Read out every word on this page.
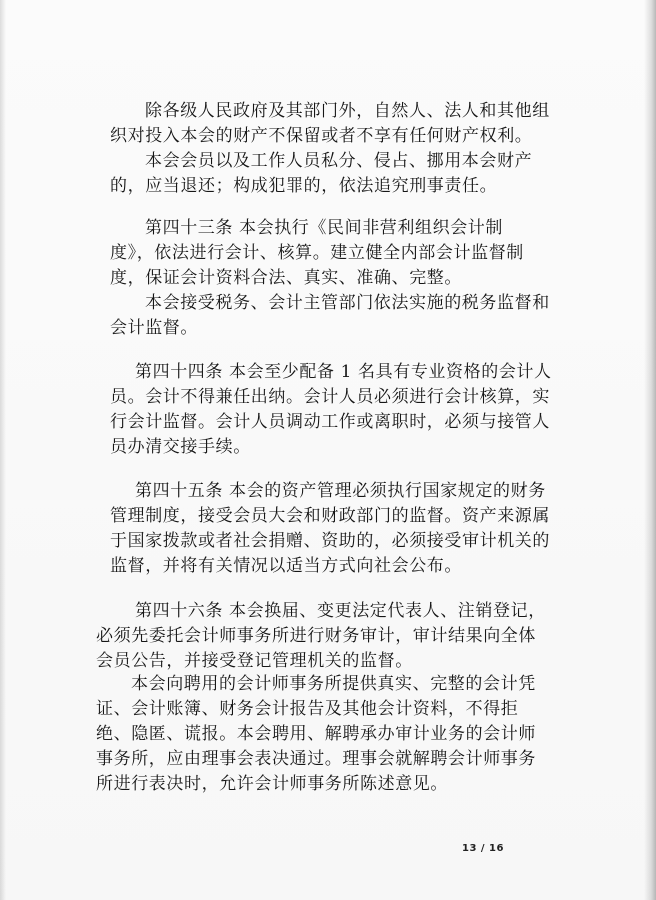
除各级人民政府及其部门外，自然人、法人和其他组

织对投入本会的财产不保留或者不享有任何财产权利。

本会会员以及工作人员私分、侵占、挪用本会财产

的，应当退还；构成犯罪的，依法追究刑事责任。

第四十三条 本会执行《民间非营利组织会计制

度》，依法进行会计、核算。建立健全内部会计监督制

度，保证会计资料合法、真实、准确、完整。

本会接受税务、会计主管部门依法实施的税务监督和

会计监督。

第四十四条 本会至少配备 1 名具有专业资格的会计人

员。会计不得兼任出纳。会计人员必须进行会计核算，实

行会计监督。会计人员调动工作或离职时，必须与接管人

员办清交接手续。

第四十五条 本会的资产管理必须执行国家规定的财务

管理制度，接受会员大会和财政部门的监督。资产来源属

于国家拨款或者社会捐赠、资助的，必须接受审计机关的

监督，并将有关情况以适当方式向社会公布。

第四十六条 本会换届、变更法定代表人、注销登记，

必须先委托会计师事务所进行财务审计，审计结果向全体

会员公告，并接受登记管理机关的监督。

本会向聘用的会计师事务所提供真实、完整的会计凭

证、会计账簿、财务会计报告及其他会计资料，不得拒

绝、隐匿、谎报。本会聘用、解聘承办审计业务的会计师

事务所，应由理事会表决通过。理事会就解聘会计师事务

所进行表决时，允许会计师事务所陈述意见。

13 / 16
